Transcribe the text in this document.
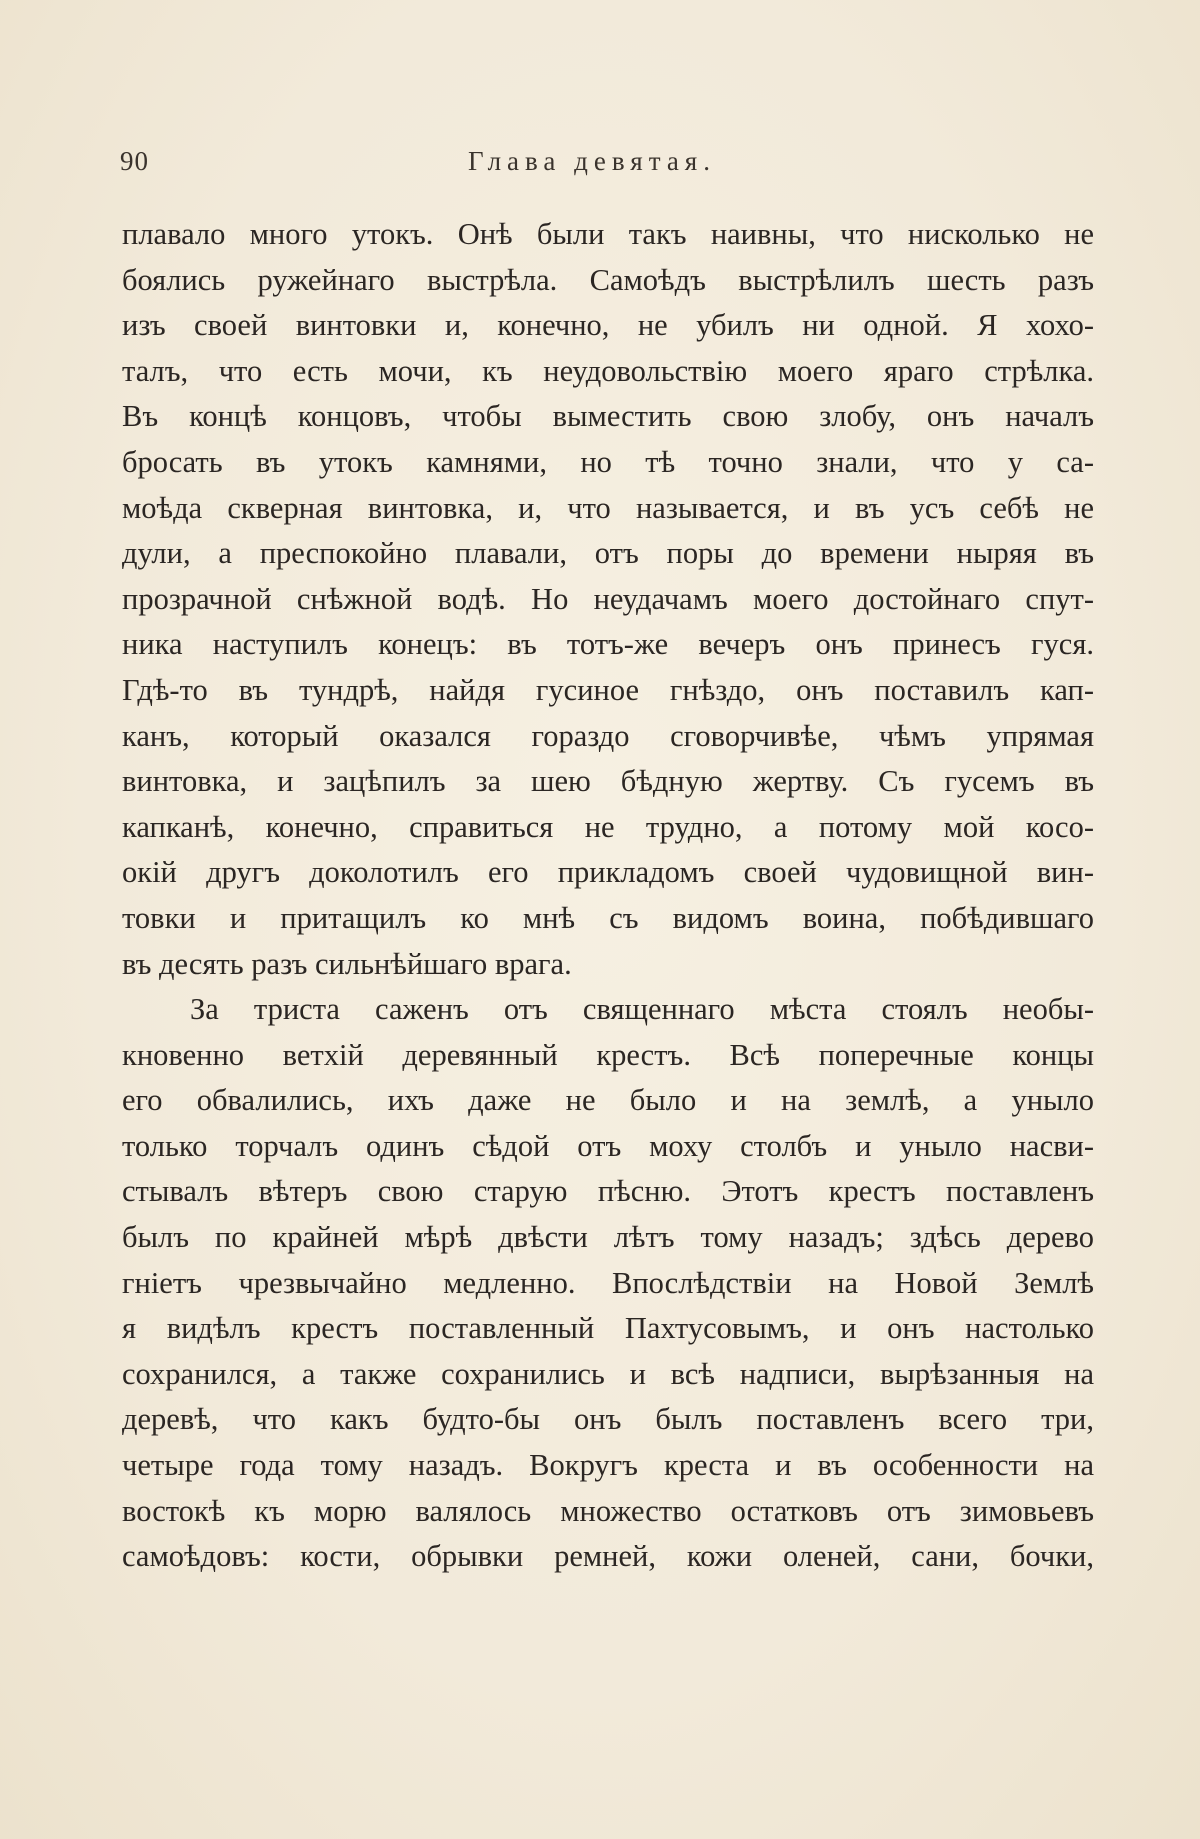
90	Глава девятая.
плавало много утокъ. Онѣ были такъ наивны, что нисколько не
боялись ружейнаго выстрѣла. Самоѣдъ выстрѣлилъ шесть разъ
изъ своей винтовки и, конечно, не убилъ ни одной. Я хохо-
талъ, что есть мочи, къ неудовольствiю моего ярaго стрѣлка.
Въ концѣ концовъ, чтобы выместить свою злобу, онъ началъ
бросать въ утокъ камнями, но тѣ точно знали, что у са-
моѣда скверная винтовка, и, что называется, и въ усъ себѣ не
дули, а преспокойно плавали, отъ поры до времени ныряя въ
прозрачной снѣжной водѣ. Но неудачамъ моего достойнаго спут-
ника наступилъ конецъ: въ тотъ-же вечеръ онъ принесъ гуся.
Гдѣ-то въ тундрѣ, найдя гусиное гнѣздо, онъ поставилъ кап-
канъ, который оказался гораздо сговорчивѣе, чѣмъ упрямая
винтовка, и зацѣпилъ за шею бѣдную жертву. Съ гусемъ въ
капканѣ, конечно, справиться не трудно, а потому мой косо-
окiй другъ доколотилъ его прикладомъ своей чудовищной вин-
товки и притащилъ ко мнѣ съ видомъ воина, побѣдившаго
въ десять разъ сильнѣйшаго врага.
За триста саженъ отъ священнаго мѣста стоялъ необы-
кновенно ветхiй деревянный крестъ. Всѣ поперечные концы
его обвалились, ихъ даже не было и на землѣ, а уныло
только торчалъ одинъ сѣдой отъ моху столбъ и уныло насви-
стывалъ вѣтеръ свою старую пѣсню. Этотъ крестъ поставленъ
былъ по крайней мѣрѣ двѣсти лѣтъ тому назадъ; здѣсь дерево
гнiетъ чрезвычайно медленно. Впослѣдствiи на Новой Землѣ
я видѣлъ крестъ поставленный Пахтусовымъ, и онъ настолько
сохранился, а также сохранились и всѣ надписи, вырѣзанныя на
деревѣ, что какъ будто-бы онъ былъ поставленъ всего три,
четыре года тому назадъ. Вокругъ креста и въ особенности на
востокѣ къ морю валялось множество остатковъ отъ зимовьевъ
самоѣдовъ: кости, обрывки ремней, кожи оленей, сани, бочки,
